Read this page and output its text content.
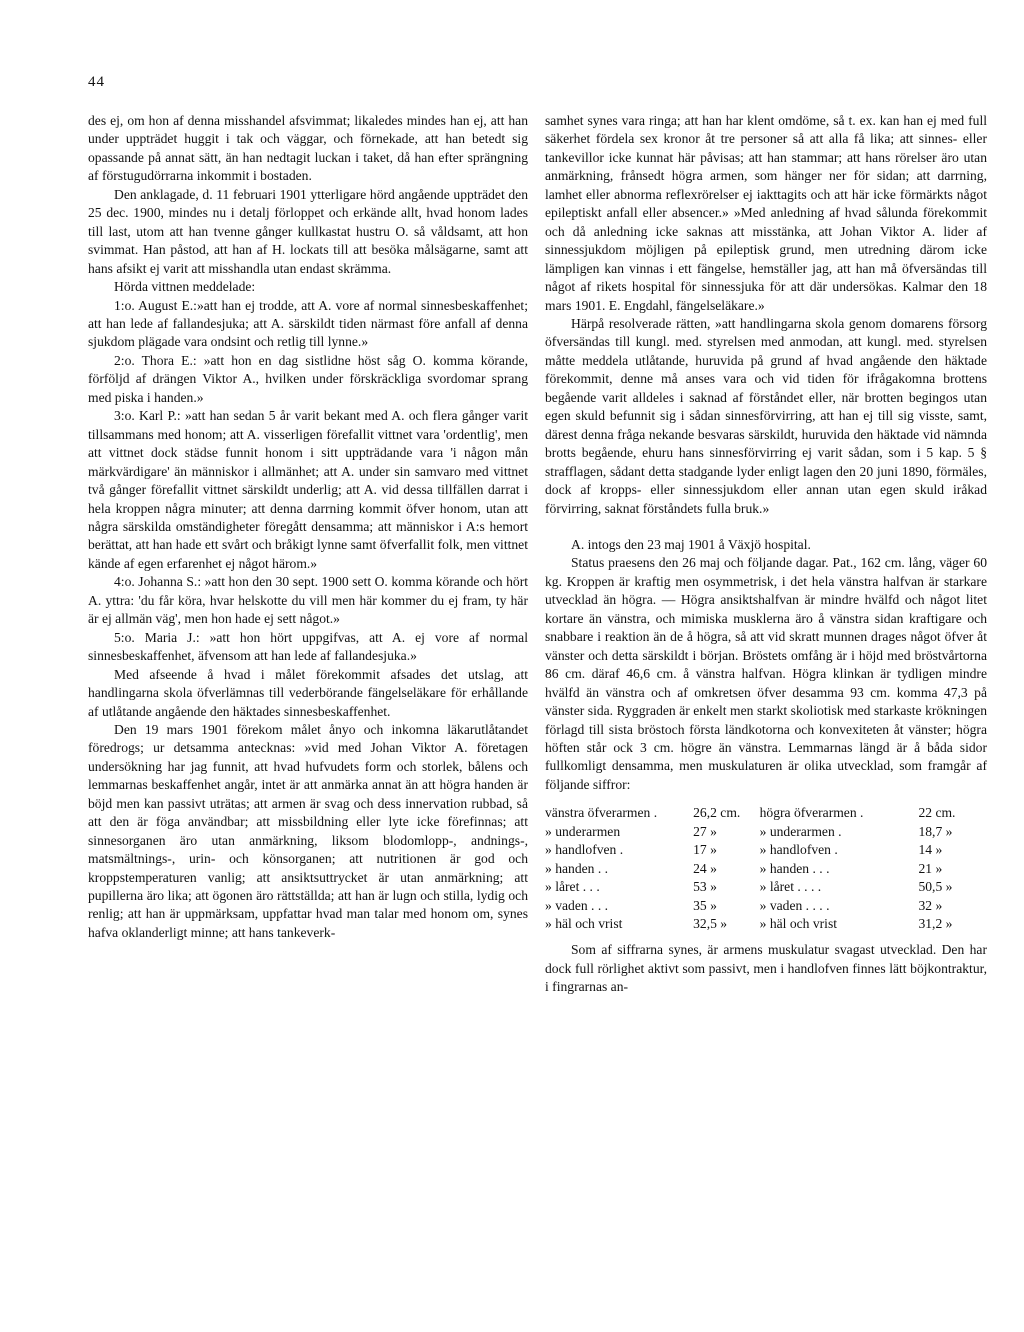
44

des ej, om hon af denna misshandel afsvimmat; likaledes mindes han ej, att han under uppträdet huggit i tak och väggar, och förnekade, att han betedt sig opassande på annat sätt, än han nedtagit luckan i taket, då han efter sprängning af förstugudörrarna inkommit i bostaden.

Den anklagade, d. 11 februari 1901 ytterligare hörd angående uppträdet den 25 dec. 1900, mindes nu i detalj förloppet och erkände allt, hvad honom lades till last, utom att han tvenne gånger kullkastat hustru O. så våldsamt, att hon svimmat. Han påstod, att han af H. lockats till att besöka målsägarne, samt att hans afsikt ej varit att misshandla utan endast skrämma.

Hörda vittnen meddelade:

1:o. August E.:»att han ej trodde, att A. vore af normal sinnesbeskaffenhet; att han lede af fallandesjuka; att A. särskildt tiden närmast före anfall af denna sjukdom plägade vara ondsint och retlig till lynne.»

2:o. Thora E.: »att hon en dag sistlidne höst såg O. komma körande, förföljd af drängen Viktor A., hvilken under förskräckliga svordomar sprang med piska i handen.»

3:o. Karl P.: »att han sedan 5 år varit bekant med A. och flera gånger varit tillsammans med honom; att A. visserligen förefallit vittnet vara 'ordentlig', men att vittnet dock städse funnit honom i sitt uppträdande vara 'i någon mån märkvärdigare' än människor i allmänhet; att A. under sin samvaro med vittnet två gånger förefallit vittnet särskildt underlig; att A. vid dessa tillfällen darrat i hela kroppen några minuter; att denna darrning kommit öfver honom, utan att några särskilda omständigheter föregått densamma; att människor i A:s hemort berättat, att han hade ett svårt och bråkigt lynne samt öfverfallit folk, men vittnet kände af egen erfarenhet ej något härom.»

4:o. Johanna S.: »att hon den 30 sept. 1900 sett O. komma körande och hört A. yttra: 'du får köra, hvar helskotte du vill men här kommer du ej fram, ty här är ej allmän väg', men hon hade ej sett något.»

5:o. Maria J.: »att hon hört uppgifvas, att A. ej vore af normal sinnesbeskaffenhet, äfvensom att han lede af fallandesjuka.»

Med afseende å hvad i målet förekommit afsades det utslag, att handlingarna skola öfverlämnas till vederbörande fängelseläkare för erhållande af utlåtande angående den häktades sinnesbeskaffenhet.

Den 19 mars 1901 förekom målet ånyo och inkomna läkarutlåtandet föredrogs; ur detsamma antecknas: »vid med Johan Viktor A. företagen undersökning har jag funnit, att hvad hufvudets form och storlek, bålens och lemmarnas beskaffenhet angår, intet är att anmärka annat än att högra handen är böjd men kan passivt uträtas; att armen är svag och dess innervation rubbad, så att den är föga användbar; att missbildning eller lyte icke förefinnas; att sinnesorganen äro utan anmärkning, liksom blodomlopp-, andnings-, matsmältnings-, urin- och könsorganen; att nutritionen är god och kroppstemperaturen vanlig; att ansiktsuttrycket är utan anmärkning; att pupillerna äro lika; att ögonen äro rättställda; att han är lugn och stilla, lydig och renlig; att han är uppmärksam, uppfattar hvad man talar med honom om, synes hafva oklanderligt minne; att hans tankeverk-

samhet synes vara ringa; att han har klent omdöme, så t. ex. kan han ej med full säkerhet fördela sex kronor åt tre personer så att alla få lika; att sinnes- eller tankevillor icke kunnat här påvisas; att han stammar; att hans rörelser äro utan anmärkning, frånsedt högra armen, som hänger ner för sidan; att darrning, lamhet eller abnorma reflexrörelser ej iakttagits och att här icke förmärkts något epileptiskt anfall eller absencer.» »Med anledning af hvad sålunda förekommit och då anledning icke saknas att misstänka, att Johan Viktor A. lider af sinnessjukdom möjligen på epileptisk grund, men utredning därom icke lämpligen kan vinnas i ett fängelse, hemställer jag, att han må öfversändas till något af rikets hospital för sinnessjuka för att där undersökas. Kalmar den 18 mars 1901. E. Engdahl, fängelseläkare.»

Härpå resolverade rätten, »att handlingarna skola genom domarens försorg öfversändas till kungl. med. styrelsen med anmodan, att kungl. med. styrelsen måtte meddela utlåtande, huruvida på grund af hvad angående den häktade förekommit, denne må anses vara och vid tiden för ifrågakomna brottens begående varit alldeles i saknad af förståndet eller, när brotten begingos utan egen skuld befunnit sig i sådan sinnesförvirring, att han ej till sig visste, samt, därest denna fråga nekande besvaras särskildt, huruvida den häktade vid nämnda brotts begående, ehuru hans sinnesförvirring ej varit sådan, som i 5 kap. 5 § strafflagen, sådant detta stadgande lyder enligt lagen den 20 juni 1890, förmäles, dock af kropps- eller sinnessjukdom eller annan utan egen skuld iråkad förvirring, saknat förståndets fulla bruk.»

A. intogs den 23 maj 1901 å Växjö hospital.

Status praesens den 26 maj och följande dagar. Pat., 162 cm. lång, väger 60 kg. Kroppen är kraftig men osymmetrisk, i det hela vänstra halfvan är starkare utvecklad än högra. — Högra ansiktshalfvan är mindre hvälfd och något litet kortare än vänstra, och mimiska musklerna äro å vänstra sidan kraftigare och snabbare i reaktion än de å högra, så att vid skratt munnen drages något öfver åt vänster och detta särskildt i början. Bröstets omfång är i höjd med bröstvårtorna 86 cm. däraf 46,6 cm. å vänstra halfvan. Högra klinkan är tydligen mindre hvälfd än vänstra och af omkretsen öfver desamma 93 cm. komma 47,3 på vänster sida. Ryggraden är enkelt men starkt skoliotisk med starkaste krökningen förlagd till sista bröstoch första ländkotorna och konvexiteten åt vänster; högra höften står ock 3 cm. högre än vänstra. Lemmarnas längd är å båda sidor fullkomligt densamma, men muskulaturen är olika utvecklad, som framgår af följande siffror:

vänstra öfverarmen .	26,2 cm.	högra öfverarmen .	22 cm.
» underarmen	27 »	» underarmen .	18,7 »
» handlofven .	17 »	» handlofven .	14 »
» handen . .	24 »	» handen . . .	21 »
» låret . . .	53 »	» låret . . . .	50,5 »
» vaden . . .	35 »	» vaden . . . .	32 »
» häl och vrist	32,5 »	» häl och vrist	31,2 »

Som af siffrarna synes, är armens muskulatur svagast utvecklad. Den har dock full rörlighet aktivt som passivt, men i handlofven finnes lätt böjkontraktur, i fingrarnas an-
